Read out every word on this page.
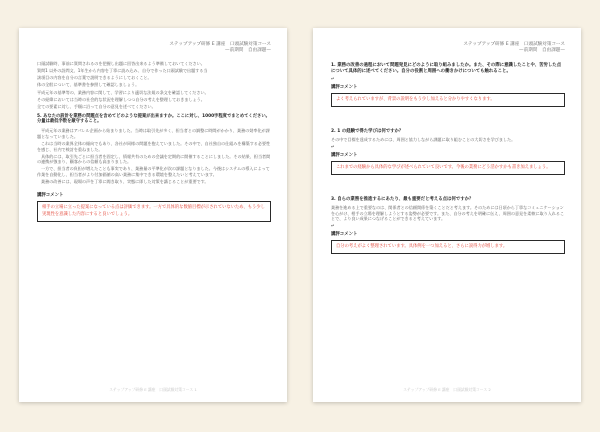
ステップアップ研修 E 講座　口頭試験対策コース
—前期問　自由課題—

口頭試験時、事前に質問されるのを把握し出題に回答出来るよう準備しておいてください。

質問1 以外の設問文、1年生から内容を丁寧に読み込み、自分で作った口頭試験で出題する当

該項目の内容を自分の言葉で説明できるようにしておくこと。

体の全般について、基準書を参照して確認しましょう。

平成元年の基準等の、業務内容に関して、学習により適切な法規の条文を確認してください。

その経緯においては当時の社会的な状況を理解しつつ自分の考えを整理しておきましょう。

全ての要素に対し、手順に沿って自分の意見を述べてください。

5. あなたの設計を業務の問題点を含めてどのような提案が出来ますか。ここに対し、1000字程度でまとめてください。分量は最低字数を厳守すること。

平成元年の業務はアパレル企画から始まりました。当時は取引先が多く、担当者との調整に時間がかかり、業務の効率化が課題となっていました。

これは当時の業界全体の傾向でもあり、各社が同様の問題を抱えていました。その中で、自社独自の仕組みを構築する必要性を感じ、社内で検討を重ねました。

具体的には、取引先ごとに担当者を固定し、情報共有のための会議を定期的に開催することにしました。その結果、担当者間の連携が強まり、顧客からの信頼も高まりました。

一方で、担当者の負担が増えたことも事実であり、業務量の平準化が次の課題となりました。今後はシステムの導入によって作業を自動化し、担当者がより付加価値の高い業務に集中できる環境を整えたいと考えています。

業務の改善には、現場の声を丁寧に聞き取り、実態に即した対策を講じることが重要です。

講評コメント

相手の立場に立った提案になっている点は評価できます。一方で具体的な数値目標が示されていないため、もう少し実現性を意識した内容にすると良いでしょう。
ステップアップ研修 E 講座　口頭試験対策コース 1
ステップアップ研修 E 講座　口頭試験対策コース
—前期問　自由課題—

1. 業務の改善の過程において問題発見にどのように取り組みましたか。また、その際に意識したことや、苦労した点について具体的に述べてください。自分の役割と周囲への働きかけについても触れること。

↵

講評コメント

よく考えられていますが、背景の説明をもう少し加えると分かりやすくなります。

2. 1 の経験で得た学びは何ですか？

その中で目標を達成するためには、周囲と協力しながら課題に取り組むことの大切さを学びました。

↵

講評コメント

これまでの経験から具体的な学びが述べられていて良いです。今後の業務にどう活かすかも書き加えましょう。

3. 自らの業務を推進するにあたり、最も重要だと考える点は何ですか？

業務を進める上で重要なのは、関係者との信頼関係を築くことだと考えます。そのためには日頃から丁寧なコミュニケーションを心がけ、相手の立場を理解しようとする姿勢が必要です。また、自分の考えを明確に伝え、周囲の意見を柔軟に取り入れることで、より良い成果につなげることができると考えています。

↵

講評コメント

自分の考えがよく整理されています。具体例を一つ加えると、さらに説得力が増します。
ステップアップ研修 E 講座　口頭試験対策コース 2
